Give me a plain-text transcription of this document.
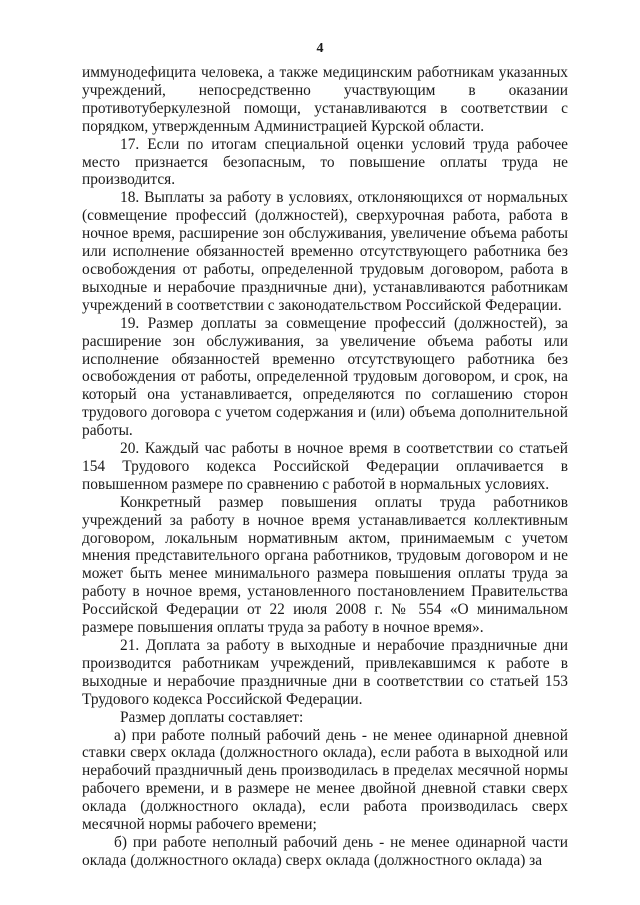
4

иммунодефицита человека, а также медицинским работникам указанных учреждений, непосредственно участвующим в оказании противотуберкулезной помощи, устанавливаются в соответствии с порядком, утвержденным Администрацией Курской области.

17. Если по итогам специальной оценки условий труда рабочее место признается безопасным, то повышение оплаты труда не производится.

18. Выплаты за работу в условиях, отклоняющихся от нормальных (совмещение профессий (должностей), сверхурочная работа, работа в ночное время, расширение зон обслуживания, увеличение объема работы или исполнение обязанностей временно отсутствующего работника без освобождения от работы, определенной трудовым договором, работа в выходные и нерабочие праздничные дни), устанавливаются работникам учреждений в соответствии с законодательством Российской Федерации.

19. Размер доплаты за совмещение профессий (должностей), за расширение зон обслуживания, за увеличение объема работы или исполнение обязанностей временно отсутствующего работника без освобождения от работы, определенной трудовым договором, и срок, на который она устанавливается, определяются по соглашению сторон трудового договора с учетом содержания и (или) объема дополнительной работы.

20. Каждый час работы в ночное время в соответствии со статьей 154 Трудового кодекса Российской Федерации оплачивается в повышенном размере по сравнению с работой в нормальных условиях.

Конкретный размер повышения оплаты труда работников учреждений за работу в ночное время устанавливается коллективным договором, локальным нормативным актом, принимаемым с учетом мнения представительного органа работников, трудовым договором и не может быть менее минимального размера повышения оплаты труда за работу в ночное время, установленного постановлением Правительства Российской Федерации от 22 июля 2008 г. № 554 «О минимальном размере повышения оплаты труда за работу в ночное время».

21. Доплата за работу в выходные и нерабочие праздничные дни производится работникам учреждений, привлекавшимся к работе в выходные и нерабочие праздничные дни в соответствии со статьей 153 Трудового кодекса Российской Федерации.

Размер доплаты составляет:

а) при работе полный рабочий день - не менее одинарной дневной ставки сверх оклада (должностного оклада), если работа в выходной или нерабочий праздничный день производилась в пределах месячной нормы рабочего времени, и в размере не менее двойной дневной ставки сверх оклада (должностного оклада), если работа производилась сверх месячной нормы рабочего времени;

б) при работе неполный рабочий день - не менее одинарной части оклада (должностного оклада) сверх оклада (должностного оклада) за
